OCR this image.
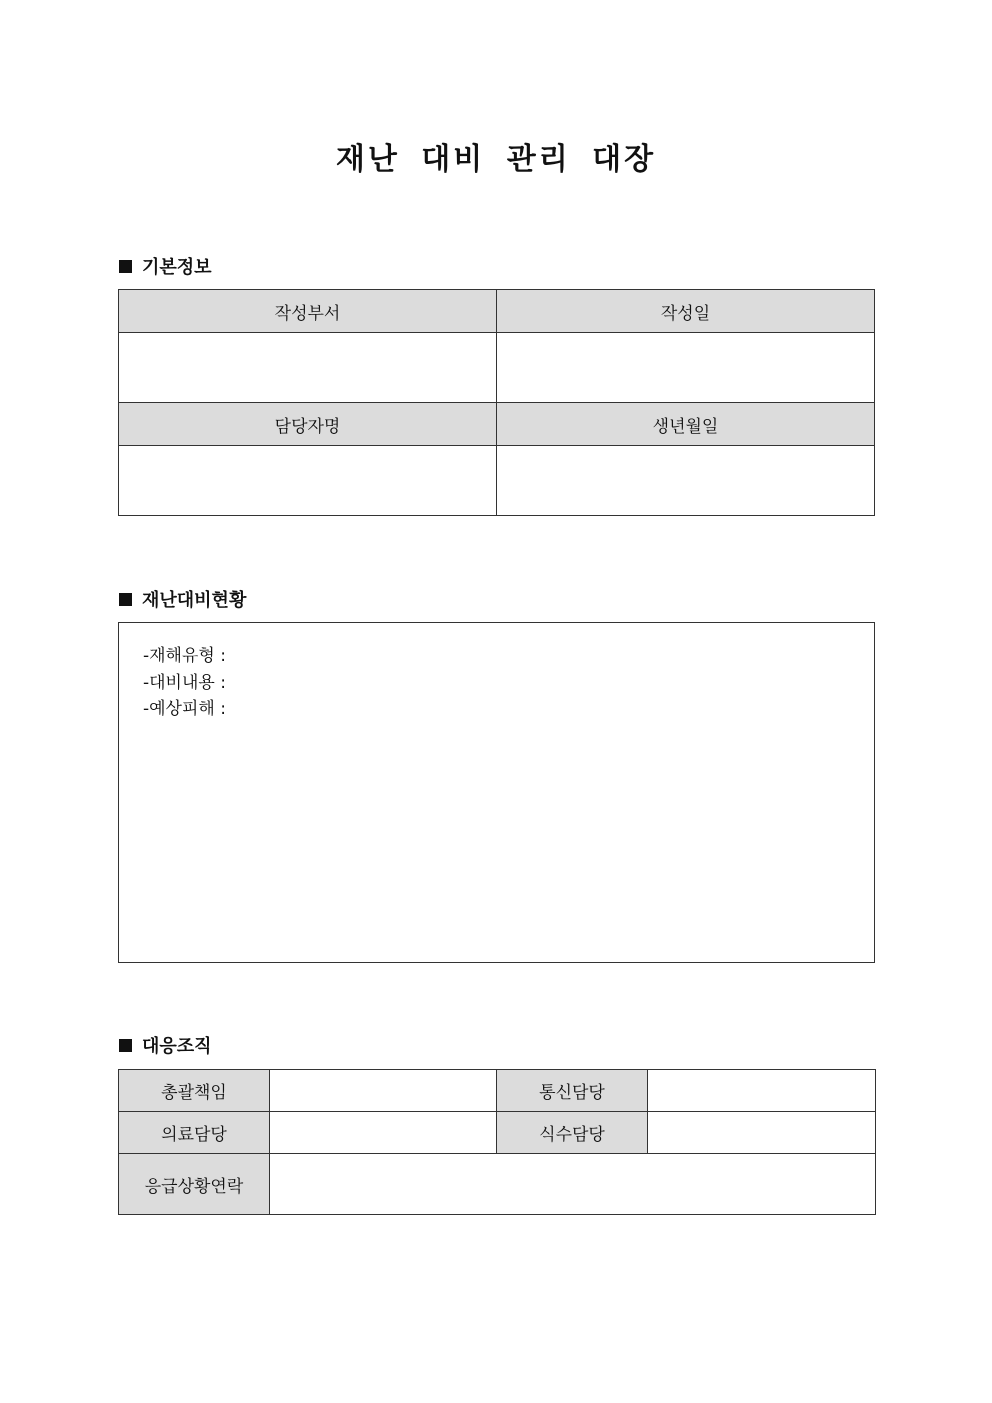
재난 대비 관리 대장
기본정보
작성부서	작성일

담당자명	생년월일

재난대비현황
-재해유형 :
-대비내용 :
-예상피해 :
대응조직
총괄책임		통신담당	
의료담당		식수담당	
응급상황연락			
